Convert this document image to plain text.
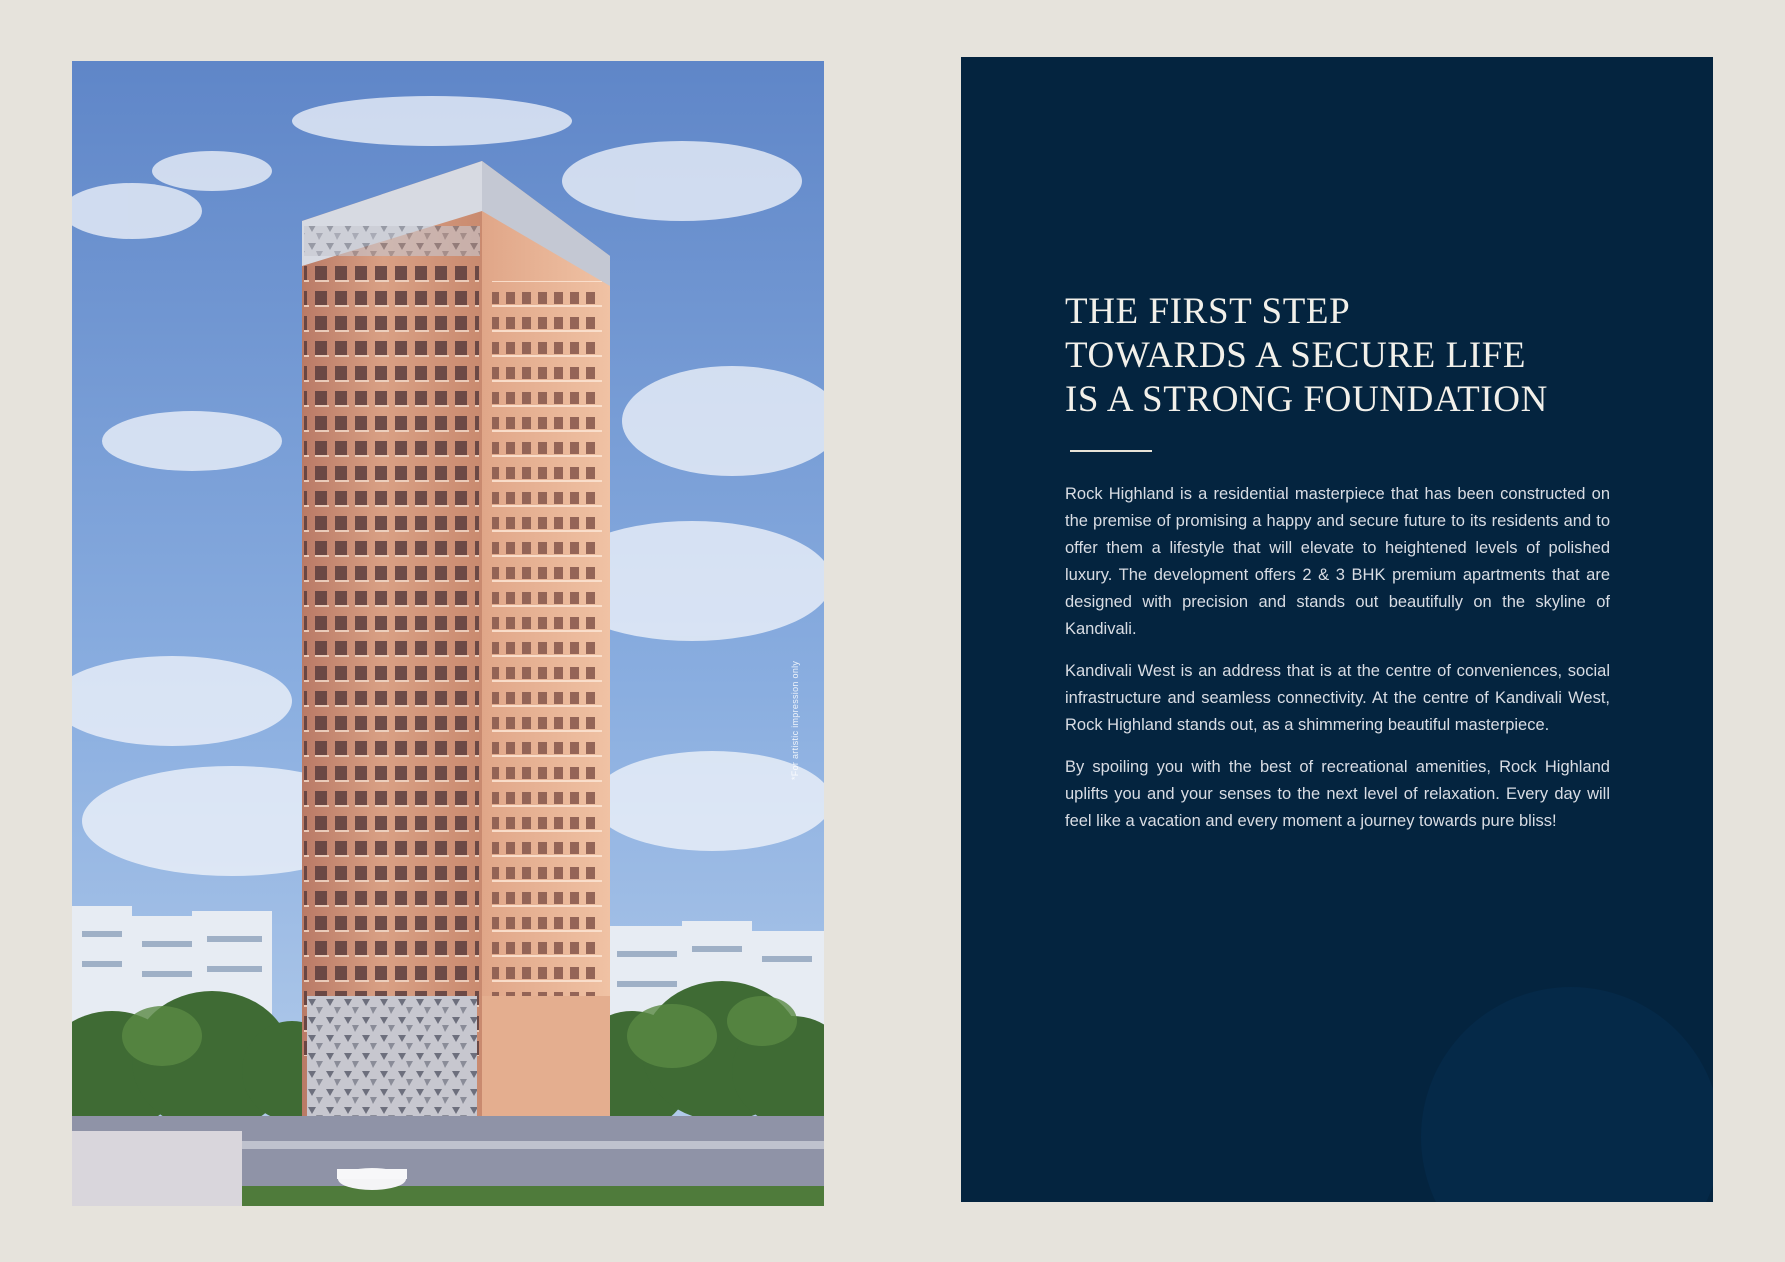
*For artistic impression only
THE FIRST STEP
TOWARDS A SECURE LIFE
IS A STRONG FOUNDATION

Rock Highland is a residential masterpiece that has been constructed on the premise of promising a happy and secure future to its residents and to offer them a lifestyle that will elevate to heightened levels of polished luxury. The development offers 2 & 3 BHK premium apartments that are designed with precision and stands out beautifully on the skyline of Kandivali.

Kandivali West is an address that is at the centre of conveniences, social infrastructure and seamless connectivity. At the centre of Kandivali West, Rock Highland stands out, as a shimmering beautiful masterpiece.

By spoiling you with the best of recreational amenities, Rock Highland uplifts you and your senses to the next level of relaxation. Every day will feel like a vacation and every moment a journey towards pure bliss!
